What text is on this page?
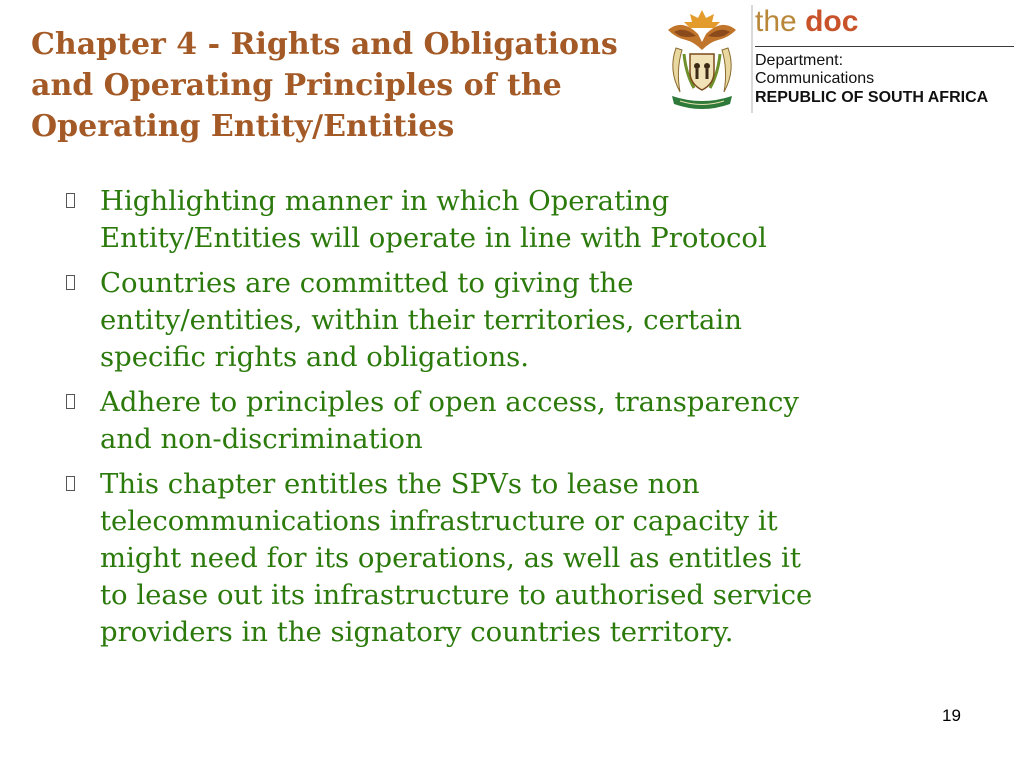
Chapter 4 - Rights and Obligations
and Operating Principles of the
Operating Entity/Entities
the doc
Department:
Communications
REPUBLIC OF SOUTH AFRICA
Highlighting manner in which Operating
Entity/Entities will operate in line with Protocol
Countries are committed to giving the
entity/entities, within their territories, certain
specific rights and obligations.
Adhere to principles of open access, transparency
and non-discrimination
This chapter entitles the SPVs to lease non
telecommunications infrastructure or capacity it
might need for its operations, as well as entitles it
to lease out its infrastructure to authorised service
providers in the signatory countries territory.
19
